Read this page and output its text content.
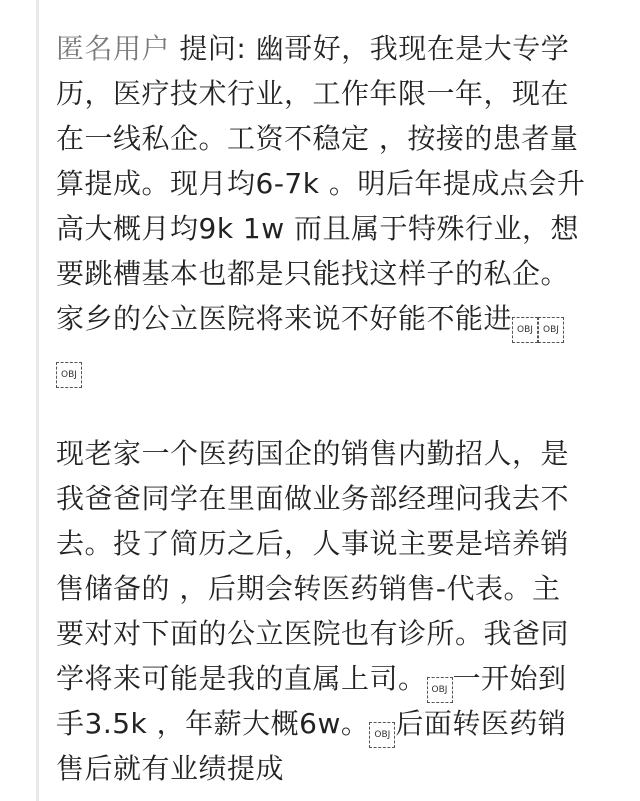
匿名用户 提问: 幽哥好，我现在是大专学
历，医疗技术行业，工作年限一年，现在
在一线私企。工资不稳定 ，按接的患者量
算提成。现月均6-7k 。明后年提成点会升
高大概月均9k 1w 而且属于特殊行业，想
要跳槽基本也都是只能找这样子的私企。
家乡的公立医院将来说不好能不能进 OBJ OBJ
OBJ
现老家一个医药国企的销售内勤招人，是
我爸爸同学在里面做业务部经理问我去不
去。投了简历之后，人事说主要是培养销
售储备的 ，后期会转医药销售-代表。主
要对对下面的公立医院也有诊所。我爸同
学将来可能是我的直属上司。 OBJ 一开始到
手3.5k ，年薪大概6w。 OBJ 后面转医药销
售后就有业绩提成
